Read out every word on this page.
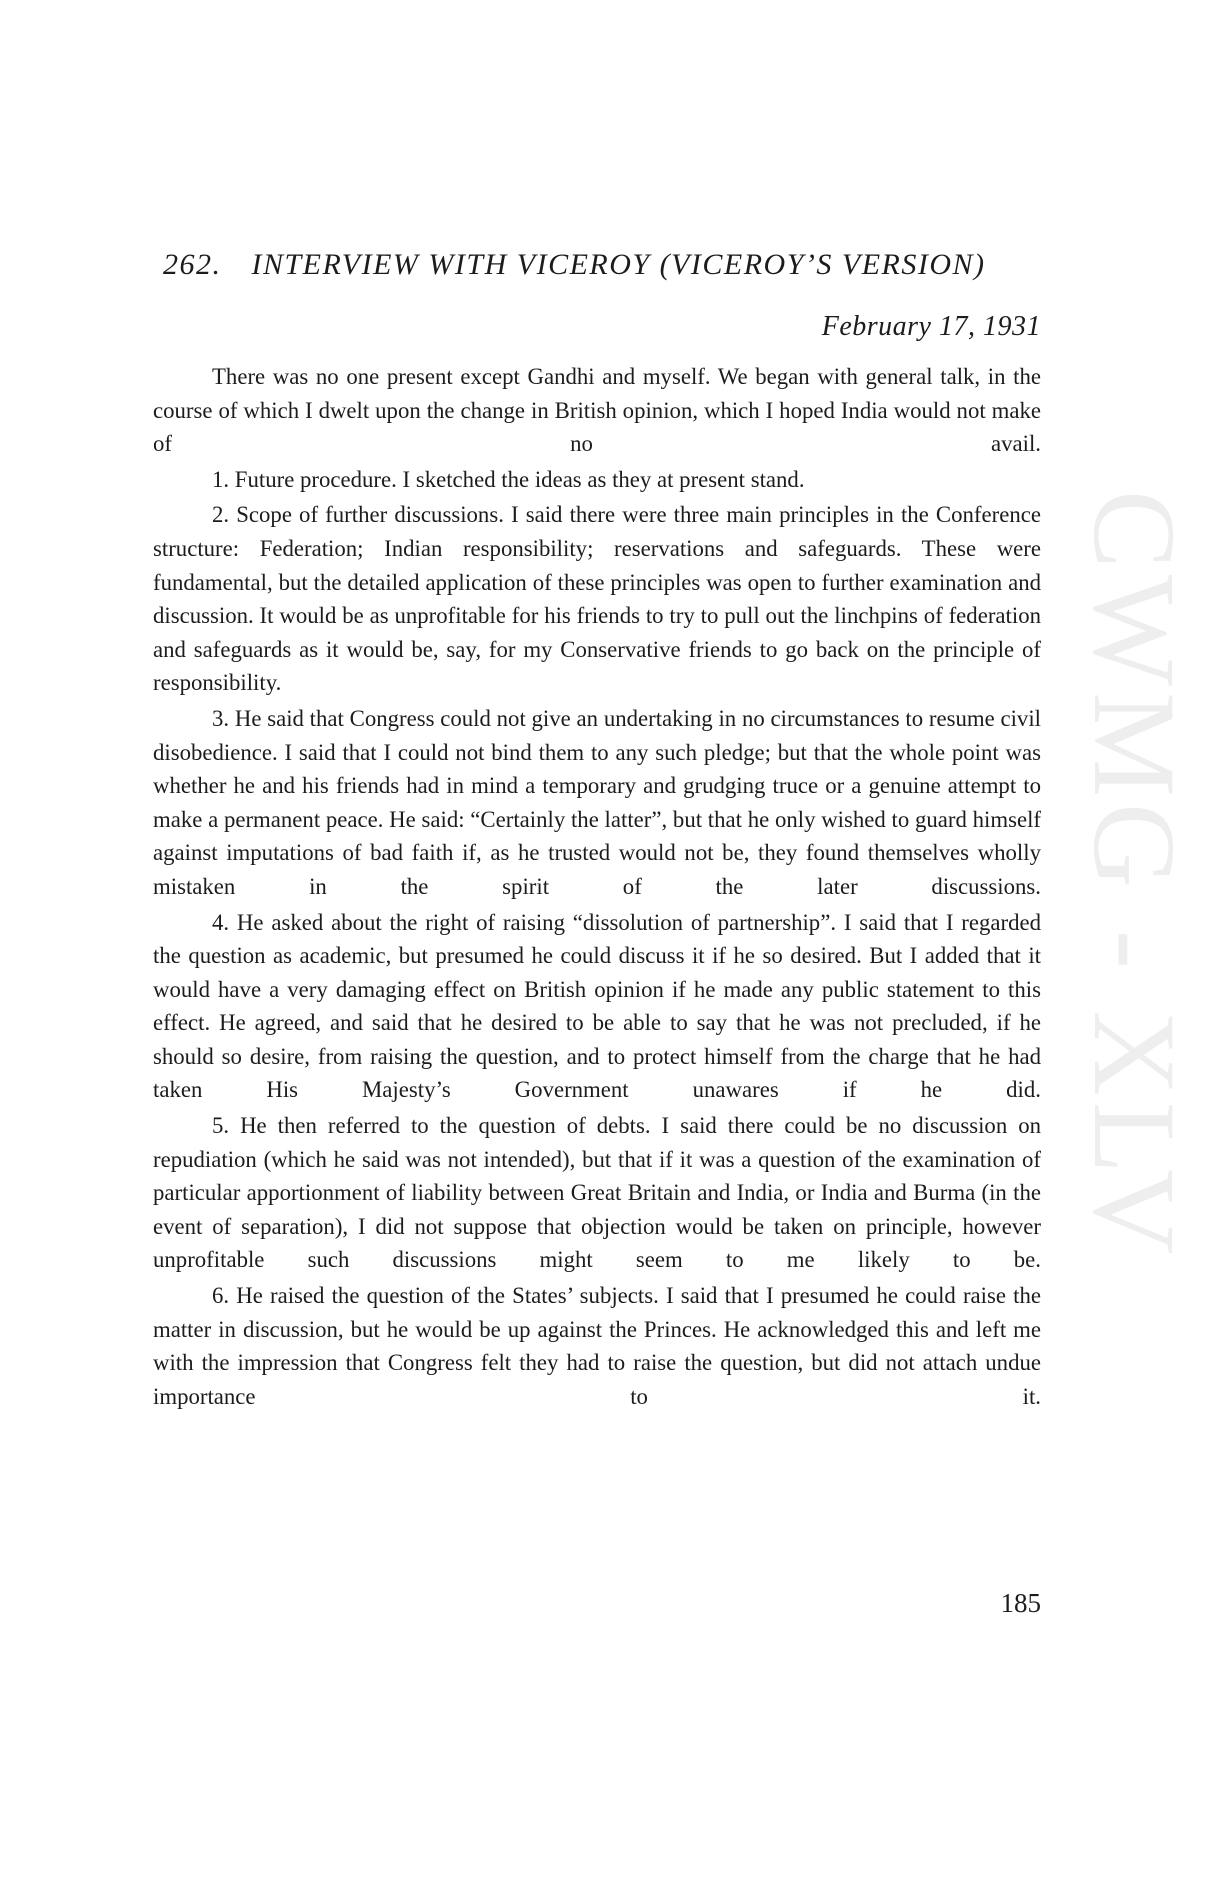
CWMG - XLV
262. INTERVIEW WITH VICEROY (VICEROY’S VERSION)
February 17, 1931

There was no one present except Gandhi and myself. We began with general talk, in the course of which I dwelt upon the change in British opinion, which I hoped India would not make of no avail.

1. Future procedure. I sketched the ideas as they at present stand.

2. Scope of further discussions. I said there were three main principles in the Conference structure: Federation; Indian responsibility; reservations and safeguards. These were fundamental, but the detailed application of these principles was open to further examination and discussion. It would be as unprofitable for his friends to try to pull out the linchpins of federation and safeguards as it would be, say, for my Conservative friends to go back on the principle of responsibility.

3. He said that Congress could not give an undertaking in no circumstances to resume civil disobedience. I said that I could not bind them to any such pledge; but that the whole point was whether he and his friends had in mind a temporary and grudging truce or a genuine attempt to make a permanent peace. He said: “Certainly the latter”, but that he only wished to guard himself against imputations of bad faith if, as he trusted would not be, they found themselves wholly mistaken in the spirit of the later discussions.

4. He asked about the right of raising “dissolution of partnership”. I said that I regarded the question as academic, but presumed he could discuss it if he so desired. But I added that it would have a very damaging effect on British opinion if he made any public statement to this effect. He agreed, and said that he desired to be able to say that he was not precluded, if he should so desire, from raising the question, and to protect himself from the charge that he had taken His Majesty’s Government unawares if he did.

5. He then referred to the question of debts. I said there could be no discussion on repudiation (which he said was not intended), but that if it was a question of the examination of particular apportionment of liability between Great Britain and India, or India and Burma (in the event of separation), I did not suppose that objection would be taken on principle, however unprofitable such discussions might seem to me likely to be.

6. He raised the question of the States’ subjects. I said that I presumed he could raise the matter in discussion, but he would be up against the Princes. He acknowledged this and left me with the impression that Congress felt they had to raise the question, but did not attach undue importance to it.

185
